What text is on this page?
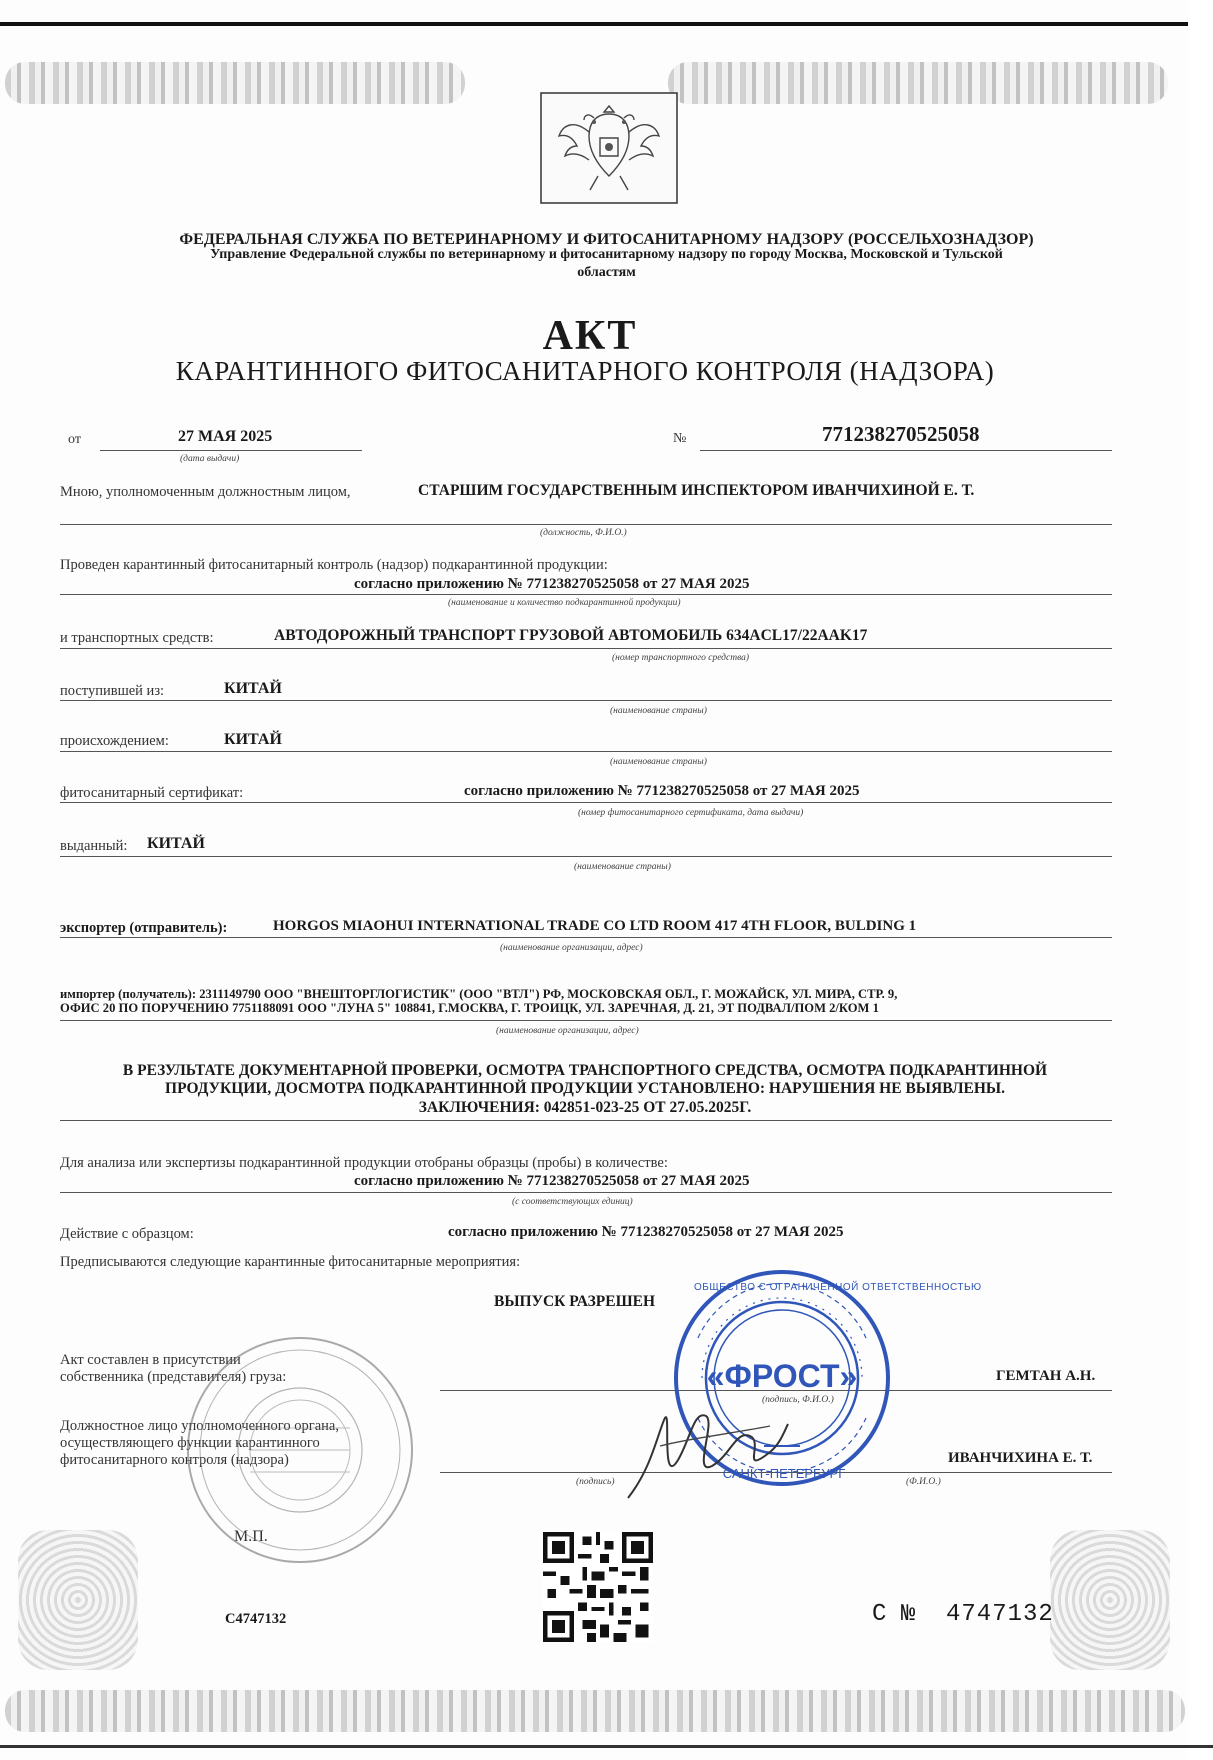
ФЕДЕРАЛЬНАЯ СЛУЖБА ПО ВЕТЕРИНАРНОМУ И ФИТОСАНИТАРНОМУ НАДЗОРУ (РОССЕЛЬХОЗНАДЗОР)
Управление Федеральной службы по ветеринарному и фитосанитарному надзору по городу Москва, Московской и Тульской
областям
АКТ
КАРАНТИННОГО ФИТОСАНИТАРНОГО КОНТРОЛЯ (НАДЗОРА)
от	27 МАЯ 2025
(дата выдачи)
№	771238270525058
Мною, уполномоченным должностным лицом,	СТАРШИМ ГОСУДАРСТВЕННЫМ ИНСПЕКТОРОМ ИВАНЧИХИНОЙ Е. Т.
(должность, Ф.И.О.)
Проведен карантинный фитосанитарный контроль (надзор) подкарантинной продукции:
согласно приложению № 771238270525058 от 27 МАЯ 2025
(наименование и количество подкарантинной продукции)
и транспортных средств:	АВТОДОРОЖНЫЙ ТРАНСПОРТ ГРУЗОВОЙ АВТОМОБИЛЬ 634ACL17/22AAK17
(номер транспортного средства)
поступившей из:	КИТАЙ
(наименование страны)
происхождением:	КИТАЙ
(наименование страны)
фитосанитарный сертификат:	согласно приложению № 771238270525058 от 27 МАЯ 2025
(номер фитосанитарного сертификата, дата выдачи)
выданный: КИТАЙ
(наименование страны)
экспортер (отправитель):	HORGOS MIAOHUI INTERNATIONAL TRADE CO LTD ROOM 417 4TH FLOOR, BULDING 1
(наименование организации, адрес)
импортер (получатель): 2311149790 ООО "ВНЕШТОРГЛОГИСТИК" (ООО "ВТЛ") РФ, МОСКОВСКАЯ ОБЛ., Г. МОЖАЙСК, УЛ. МИРА, СТР. 9,
ОФИС 20 ПО ПОРУЧЕНИЮ 7751188091 ООО "ЛУНА 5" 108841, Г.МОСКВА, Г. ТРОИЦК, УЛ. ЗАРЕЧНАЯ, Д. 21, ЭТ ПОДВАЛ/ПОМ 2/КОМ 1
(наименование организации, адрес)
В РЕЗУЛЬТАТЕ ДОКУМЕНТАРНОЙ ПРОВЕРКИ, ОСМОТРА ТРАНСПОРТНОГО СРЕДСТВА, ОСМОТРА ПОДКАРАНТИННОЙ
ПРОДУКЦИИ, ДОСМОТРА ПОДКАРАНТИННОЙ ПРОДУКЦИИ УСТАНОВЛЕНО: НАРУШЕНИЯ НЕ ВЫЯВЛЕНЫ.
ЗАКЛЮЧЕНИЯ: 042851-023-25 ОТ 27.05.2025Г.
Для анализа или экспертизы подкарантинной продукции отобраны образцы (пробы) в количестве:
согласно приложению № 771238270525058 от 27 МАЯ 2025
(с соответствующих единиц)
Действие с образцом:	согласно приложению № 771238270525058 от 27 МАЯ 2025
Предписываются следующие карантинные фитосанитарные мероприятия:
ВЫПУСК РАЗРЕШЕН
Акт составлен в присутствии
собственника (представителя) груза:	ГЕМТАН А.Н.
(подпись, Ф.И.О.)
Должностное лицо уполномоченного органа,
осуществляющего функции карантинного
фитосанитарного контроля (надзора)	ИВАНЧИХИНА Е. Т.
(подпись)	(Ф.И.О.)
М.П.
«ФРОСТ»
ОБЩЕСТВО С ОГРАНИЧЕННОЙ ОТВЕТСТВЕННОСТЬЮ
САНКТ-ПЕТЕРБУРГ
С4747132	С № 4747132
